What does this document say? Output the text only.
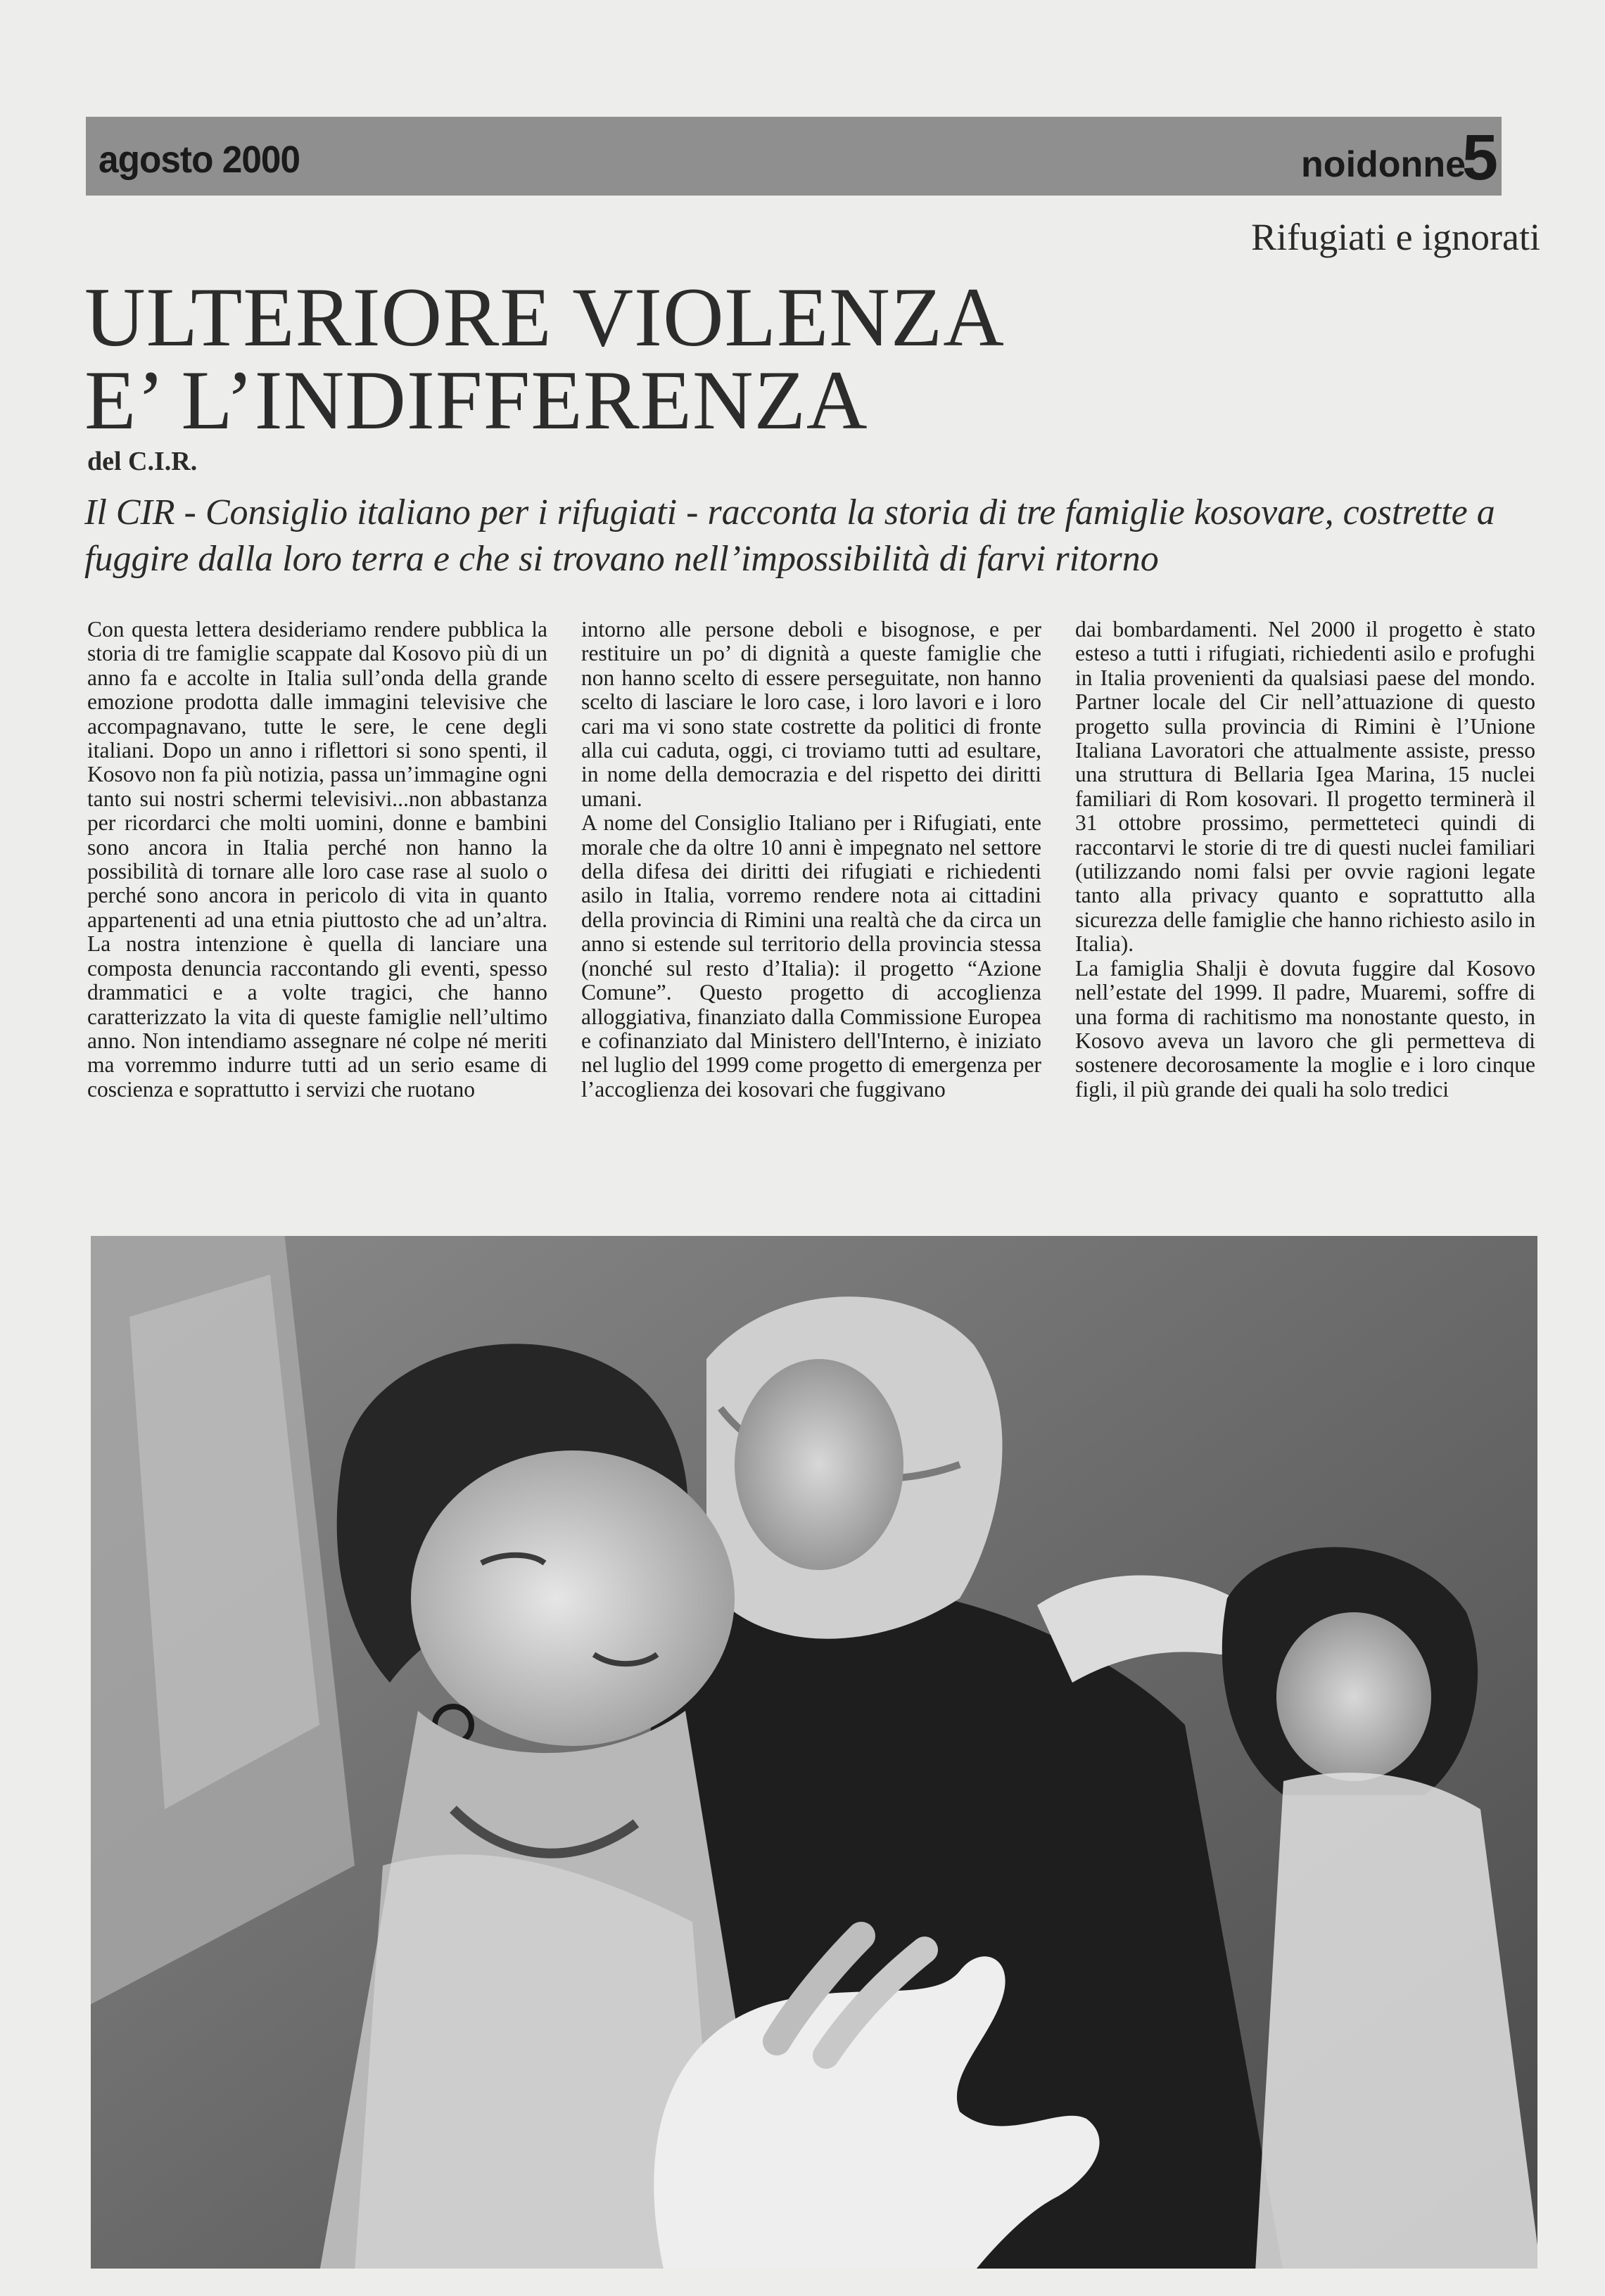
agosto 2000	noidonne
5
Rifugiati e ignorati
ULTERIORE VIOLENZA
E’ L’INDIFFERENZA
del C.I.R.
Il CIR - Consiglio italiano per i rifugiati - racconta la storia di tre famiglie kosovare, costrette a fuggire dalla loro terra e che si trovano nell’impossibilità di farvi ritorno
Con questa lettera desideriamo rendere pubblica la storia di tre famiglie scappate dal Kosovo più di un anno fa e accolte in Italia sull’onda della grande emozione prodotta dalle immagini televisive che accompagnavano, tutte le sere, le cene degli italiani. Dopo un anno i riflettori si sono spenti, il Kosovo non fa più notizia, passa un’immagine ogni tanto sui nostri schermi televisivi...non abbastanza per ricordarci che molti uomini, donne e bambini sono ancora in Italia perché non hanno la possibilità di tornare alle loro case rase al suolo o perché sono ancora in pericolo di vita in quanto appartenenti ad una etnia piuttosto che ad un’altra. La nostra intenzione è quella di lanciare una composta denuncia raccontando gli eventi, spesso drammatici e a volte tragici, che hanno caratterizzato la vita di queste famiglie nell’ultimo anno. Non intendiamo assegnare né colpe né meriti ma vorremmo indurre tutti ad un serio esame di coscienza e soprattutto i servizi che ruotano
intorno alle persone deboli e bisognose, e per restituire un po’ di dignità a queste famiglie che non hanno scelto di essere perseguitate, non hanno scelto di lasciare le loro case, i loro lavori e i loro cari ma vi sono state costrette da politici di fronte alla cui caduta, oggi, ci troviamo tutti ad esultare, in nome della democrazia e del rispetto dei diritti umani.
A nome del Consiglio Italiano per i Rifugiati, ente morale che da oltre 10 anni è impegnato nel settore della difesa dei diritti dei rifugiati e richiedenti asilo in Italia, vorremo rendere nota ai cittadini della provincia di Rimini una realtà che da circa un anno si estende sul territorio della provincia stessa (nonché sul resto d’Italia): il progetto “Azione Comune”. Questo progetto di accoglienza alloggiativa, finanziato dalla Commissione Europea e cofinanziato dal Ministero dell'Interno, è iniziato nel luglio del 1999 come progetto di emergenza per l’accoglienza dei kosovari che fuggivano
dai bombardamenti. Nel 2000 il progetto è stato esteso a tutti i rifugiati, richiedenti asilo e profughi in Italia provenienti da qualsiasi paese del mondo. Partner locale del Cir nell’attuazione di questo progetto sulla provincia di Rimini è l’Unione Italiana Lavoratori che attualmente assiste, presso una struttura di Bellaria Igea Marina, 15 nuclei familiari di Rom kosovari. Il progetto terminerà il 31 ottobre prossimo, permetteteci quindi di raccontarvi le storie di tre di questi nuclei familiari (utilizzando nomi falsi per ovvie ragioni legate tanto alla privacy quanto e soprattutto alla sicurezza delle famiglie che hanno richiesto asilo in Italia).
La famiglia Shalji è dovuta fuggire dal Kosovo nell’estate del 1999. Il padre, Muaremi, soffre di una forma di rachitismo ma nonostante questo, in Kosovo aveva un lavoro che gli permetteva di sostenere decorosamente la moglie e i loro cinque figli, il più grande dei quali ha solo tredici
